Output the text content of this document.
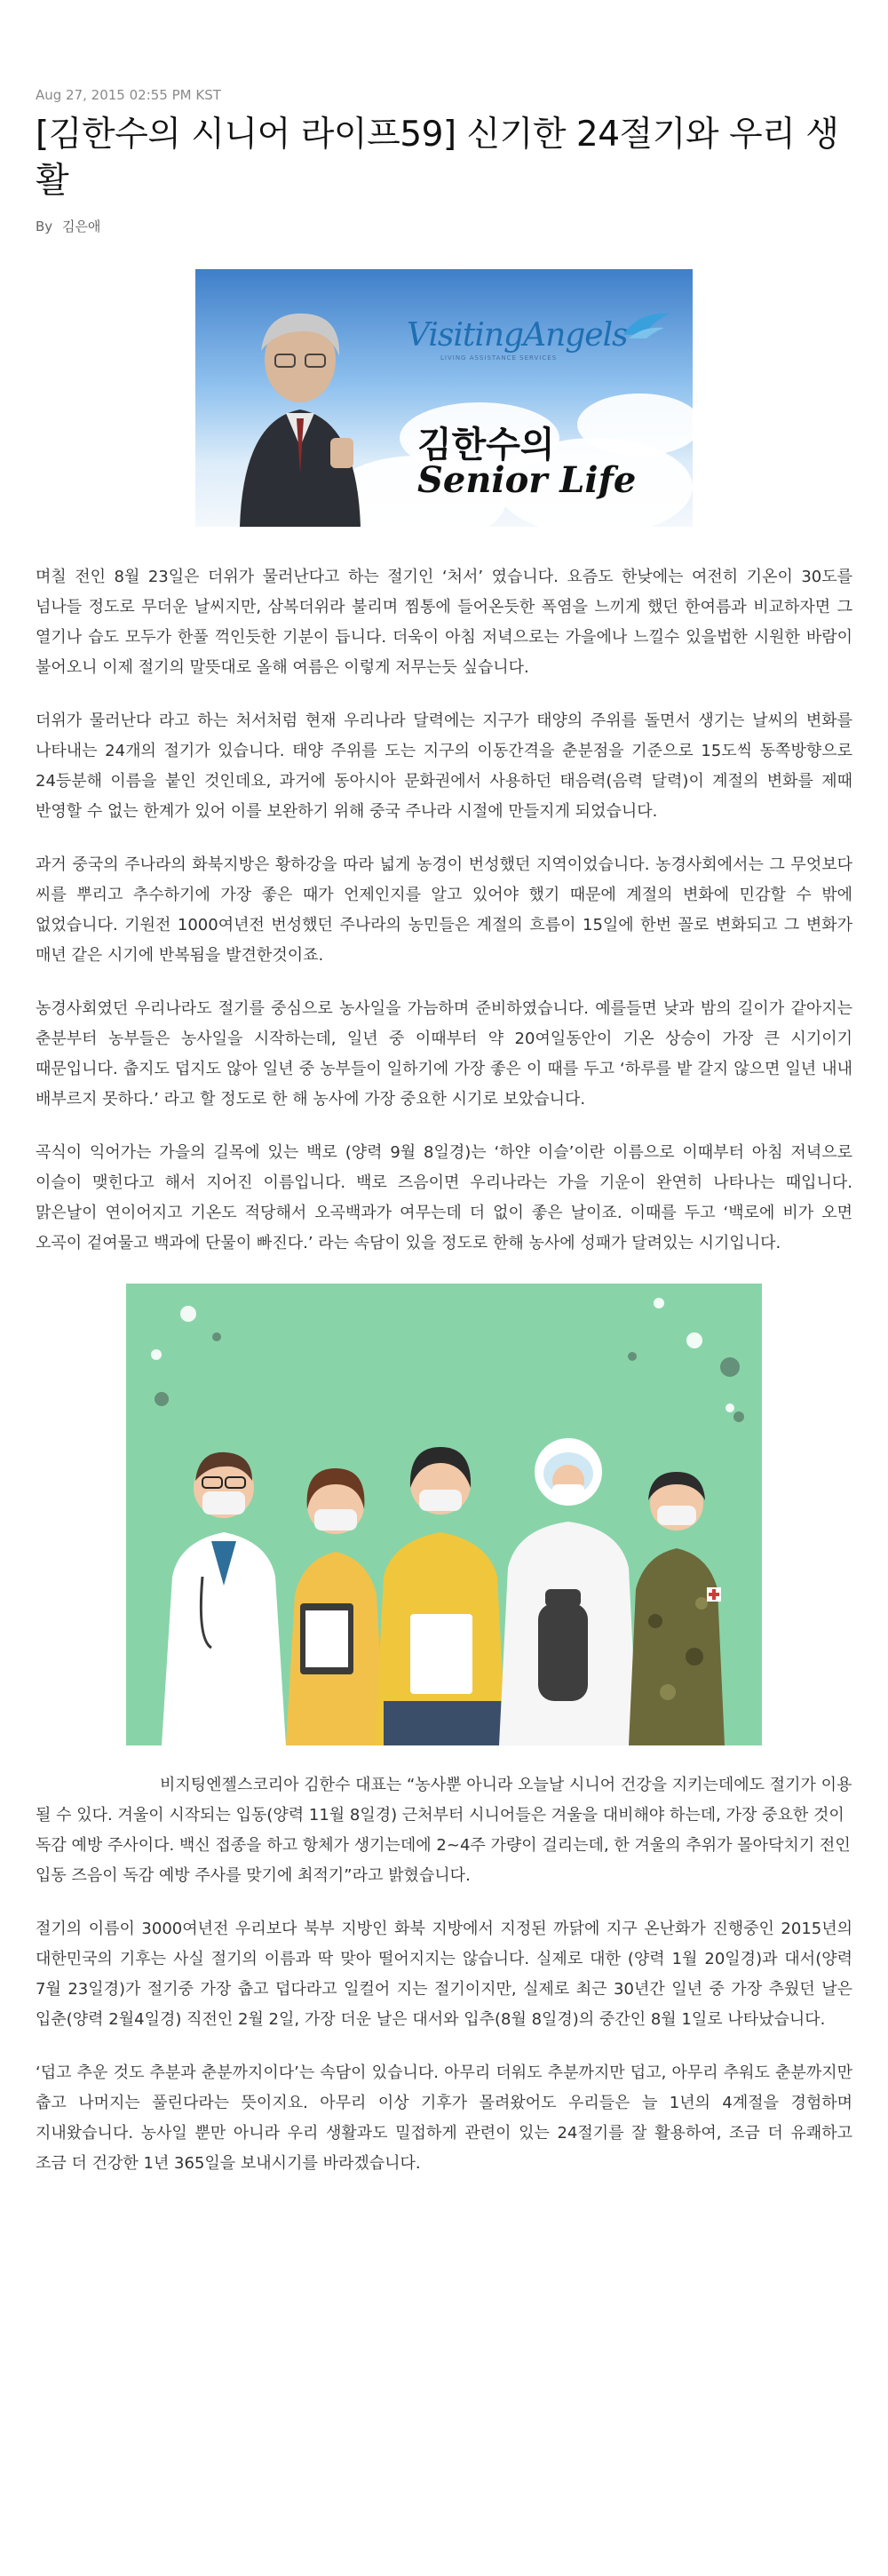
Aug 27, 2015 02:55 PM KST
[김한수의 시니어 라이프59] 신기한 24절기와 우리 생활
By 김은애
VisitingAngels
LIVING ASSISTANCE SERVICES
김한수의
Senior Life

며칠 전인 8월 23일은 더위가 물러난다고 하는 절기인 ‘처서’ 였습니다. 요즘도 한낮에는 여전히 기온이 30도를 넘나들 정도로 무더운 날씨지만, 삼복더위라 불리며 찜통에 들어온듯한 폭염을 느끼게 했던 한여름과 비교하자면 그 열기나 습도 모두가 한풀 꺽인듯한 기분이 듭니다. 더욱이 아침 저녁으로는 가을에나 느낄수 있을법한 시원한 바람이 불어오니 이제 절기의 말뜻대로 올해 여름은 이렇게 저무는듯 싶습니다.

더위가 물러난다 라고 하는 처서처럼 현재 우리나라 달력에는 지구가 태양의 주위를 돌면서 생기는 날씨의 변화를 나타내는 24개의 절기가 있습니다. 태양 주위를 도는 지구의 이동간격을 춘분점을 기준으로 15도씩 동쪽방향으로 24등분해 이름을 붙인 것인데요, 과거에 동아시아 문화권에서 사용하던 태음력(음력 달력)이 계절의 변화를 제때 반영할 수 없는 한계가 있어 이를 보완하기 위해 중국 주나라 시절에 만들지게 되었습니다.

과거 중국의 주나라의 화북지방은 황하강을 따라 넓게 농경이 번성했던 지역이었습니다. 농경사회에서는 그 무엇보다 씨를 뿌리고 추수하기에 가장 좋은 때가 언제인지를 알고 있어야 했기 때문에 계절의 변화에 민감할 수 밖에 없었습니다. 기원전 1000여년전 번성했던 주나라의 농민들은 계절의 흐름이 15일에 한번 꼴로 변화되고 그 변화가 매년 같은 시기에 반복됨을 발견한것이죠.

농경사회였던 우리나라도 절기를 중심으로 농사일을 가늠하며 준비하였습니다. 예를들면 낮과 밤의 길이가 같아지는 춘분부터 농부들은 농사일을 시작하는데, 일년 중 이때부터 약 20여일동안이 기온 상승이 가장 큰 시기이기 때문입니다. 춥지도 덥지도 않아 일년 중 농부들이 일하기에 가장 좋은 이 때를 두고 ‘하루를 밭 갈지 않으면 일년 내내 배부르지 못하다.’ 라고 할 정도로 한 해 농사에 가장 중요한 시기로 보았습니다.

곡식이 익어가는 가을의 길목에 있는 백로 (양력 9월 8일경)는 ‘하얀 이슬’이란 이름으로 이때부터 아침 저녁으로 이슬이 맺힌다고 해서 지어진 이름입니다. 백로 즈음이면 우리나라는 가을 기운이 완연히 나타나는 때입니다. 맑은날이 연이어지고 기온도 적당해서 오곡백과가 여무는데 더 없이 좋은 날이죠. 이때를 두고 ‘백로에 비가 오면 오곡이 겉여물고 백과에 단물이 빠진다.’ 라는 속담이 있을 정도로 한해 농사에 성패가 달려있는 시기입니다.

비지팅엔젤스코리아 김한수 대표는 “농사뿐 아니라 오늘날 시니어 건강을 지키는데에도 절기가 이용 될 수 있다. 겨울이 시작되는 입동(양력 11월 8일경) 근처부터 시니어들은 겨울을 대비해야 하는데, 가장 중요한 것이 독감 예방 주사이다. 백신 접종을 하고 항체가 생기는데에 2~4주 가량이 걸리는데, 한 겨울의 추위가 몰아닥치기 전인 입동 즈음이 독감 예방 주사를 맞기에 최적기”라고 밝혔습니다.

절기의 이름이 3000여년전 우리보다 북부 지방인 화북 지방에서 지정된 까닭에 지구 온난화가 진행중인 2015년의 대한민국의 기후는 사실 절기의 이름과 딱 맞아 떨어지지는 않습니다. 실제로 대한 (양력 1월 20일경)과 대서(양력 7월 23일경)가 절기중 가장 춥고 덥다라고 일컬어 지는 절기이지만, 실제로 최근 30년간 일년 중 가장 추웠던 날은 입춘(양력 2월4일경) 직전인 2월 2일, 가장 더운 날은 대서와 입추(8월 8일경)의 중간인 8월 1일로 나타났습니다.

‘덥고 추운 것도 추분과 춘분까지이다’는 속담이 있습니다. 아무리 더워도 추분까지만 덥고, 아무리 추워도 춘분까지만 춥고 나머지는 풀린다라는 뜻이지요. 아무리 이상 기후가 몰려왔어도 우리들은 늘 1년의 4계절을 경험하며 지내왔습니다. 농사일 뿐만 아니라 우리 생활과도 밀접하게 관련이 있는 24절기를 잘 활용하여, 조금 더 유쾌하고 조금 더 건강한 1년 365일을 보내시기를 바라겠습니다.
